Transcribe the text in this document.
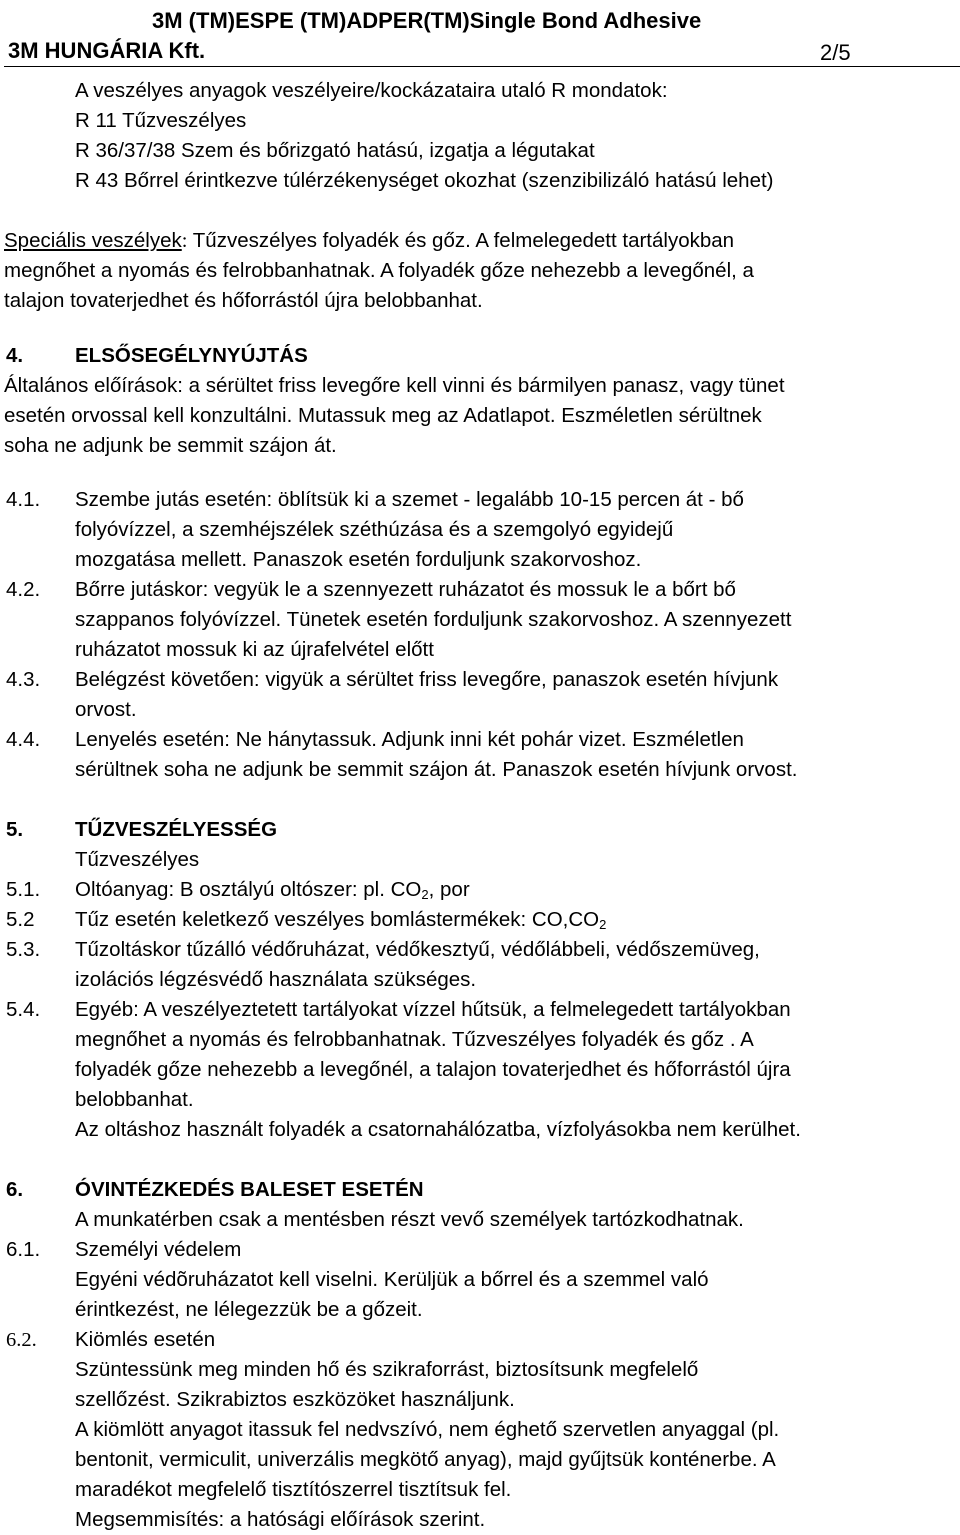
3M (TM)ESPE (TM)ADPER(TM)Single Bond Adhesive
3M HUNGÁRIA Kft.	2/5
A veszélyes anyagok veszélyeire/kockázataira utaló R mondatok:
R 11 Tűzveszélyes
R 36/37/38 Szem és bőrizgató hatású, izgatja a légutakat
R 43 Bőrrel érintkezve túlérzékenységet okozhat (szenzibilizáló hatású lehet)
Speciális veszélyek: Tűzveszélyes folyadék és gőz. A felmelegedett tartályokban
megnőhet a nyomás és felrobbanhatnak. A folyadék gőze nehezebb a levegőnél, a
talajon tovaterjedhet és hőforrástól újra belobbanhat.
4.	ELSŐSEGÉLYNYÚJTÁS
Általános előírások: a sérültet friss levegőre kell vinni és bármilyen panasz, vagy tünet
esetén orvossal kell konzultálni. Mutassuk meg az Adatlapot. Eszméletlen sérültnek
soha ne adjunk be semmit szájon át.
4.1. Szembe jutás esetén: öblítsük ki a szemet - legalább 10-15 percen át - bő
folyóvízzel, a szemhéjszélek széthúzása és a szemgolyó egyidejű
mozgatása mellett. Panaszok esetén forduljunk szakorvoshoz.
4.2. Bőrre jutáskor: vegyük le a szennyezett ruházatot és mossuk le a bőrt bő
szappanos folyóvízzel. Tünetek esetén forduljunk szakorvoshoz. A szennyezett
ruházatot mossuk ki az újrafelvétel előtt
4.3. Belégzést követően: vigyük a sérültet friss levegőre, panaszok esetén hívjunk
orvost.
4.4. Lenyelés esetén: Ne hánytassuk. Adjunk inni két pohár vizet. Eszméletlen
sérültnek soha ne adjunk be semmit szájon át. Panaszok esetén hívjunk orvost.
5.	TŰZVESZÉLYESSÉG
Tűzveszélyes
5.1. Oltóanyag: B osztályú oltószer: pl. $CO_2$, por
5.2 Tűz esetén keletkező veszélyes bomlástermékek: $CO,CO_2$
5.3. Tűzoltáskor tűzálló védőruházat, védőkesztyű, védőlábbeli, védőszemüveg,
izolációs légzésvédő használata szükséges.
5.4. Egyéb: A veszélyeztetett tartályokat vízzel hűtsük, a felmelegedett tartályokban
megnőhet a nyomás és felrobbanhatnak. Tűzveszélyes folyadék és gőz . A
folyadék gőze nehezebb a levegőnél, a talajon tovaterjedhet és hőforrástól újra
belobbanhat.
Az oltáshoz használt folyadék a csatornahálózatba, vízfolyásokba nem kerülhet.
6.	ÓVINTÉZKEDÉS BALESET ESETÉN
A munkatérben csak a mentésben részt vevő személyek tartózkodhatnak.
6.1. Személyi védelem
Egyéni védõruházatot kell viselni. Kerüljük a bőrrel és a szemmel való
érintkezést, ne lélegezzük be a gőzeit.
6.2. Kiömlés esetén
Szüntessünk meg minden hő és szikraforrást, biztosítsunk megfelelő
szellőzést. Szikrabiztos eszközöket használjunk.
A kiömlött anyagot itassuk fel nedvszívó, nem éghető szervetlen anyaggal (pl.
bentonit, vermiculit, univerzális megkötő anyag), majd gyűjtsük konténerbe. A
maradékot megfelelő tisztítószerrel tisztítsuk fel.
Megsemmisítés: a hatósági előírások szerint.
